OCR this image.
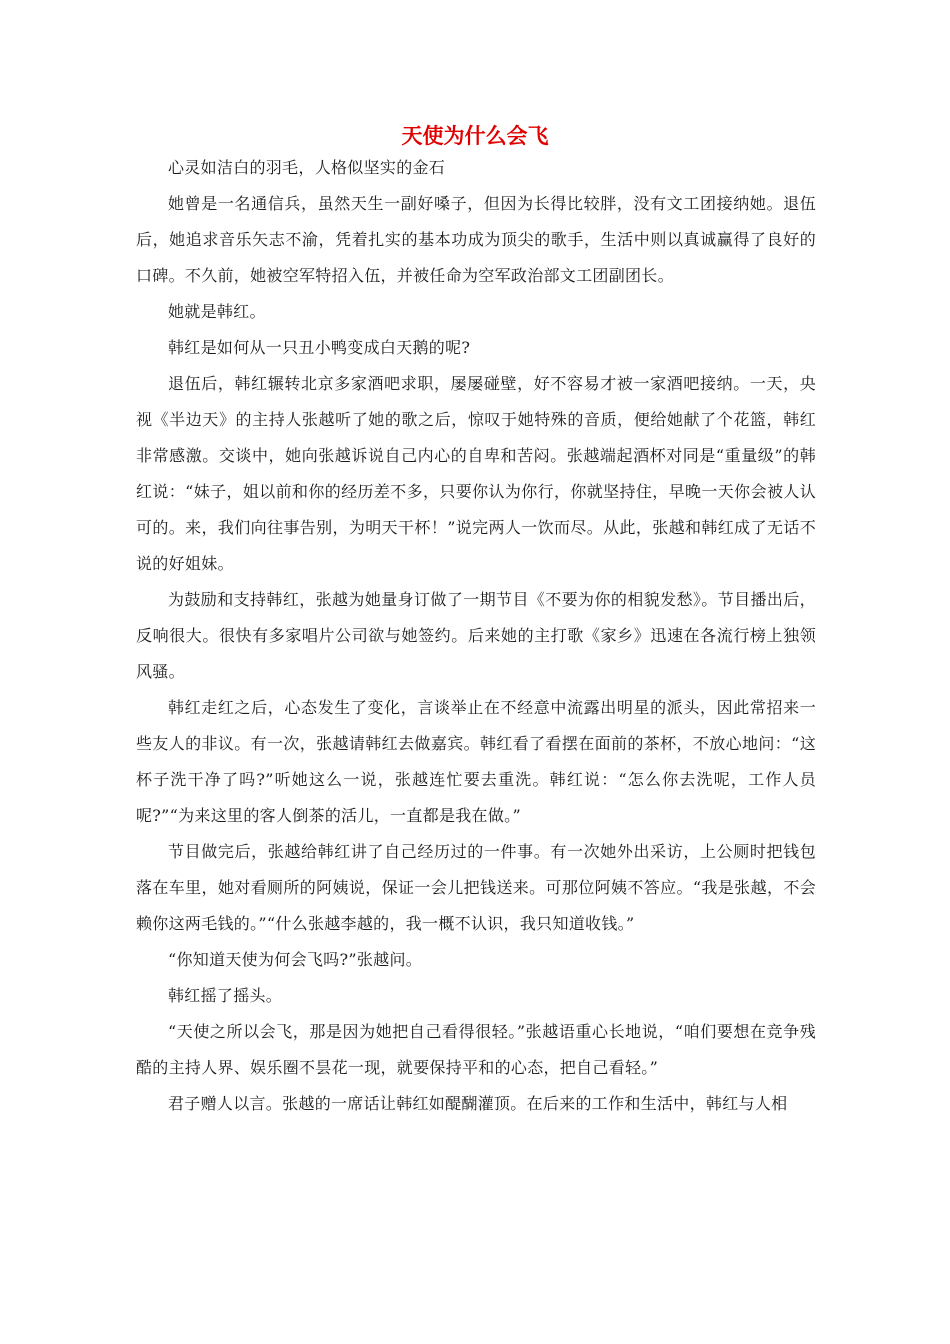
天使为什么会飞

心灵如洁白的羽毛，人格似坚实的金石

她曾是一名通信兵，虽然天生一副好嗓子，但因为长得比较胖，没有文工团接纳她。退伍后，她追求音乐矢志不渝，凭着扎实的基本功成为顶尖的歌手，生活中则以真诚赢得了良好的口碑。不久前，她被空军特招入伍，并被任命为空军政治部文工团副团长。

她就是韩红。

韩红是如何从一只丑小鸭变成白天鹅的呢?

退伍后，韩红辗转北京多家酒吧求职，屡屡碰壁，好不容易才被一家酒吧接纳。一天，央视《半边天》的主持人张越听了她的歌之后，惊叹于她特殊的音质，便给她献了个花篮，韩红非常感激。交谈中，她向张越诉说自己内心的自卑和苦闷。张越端起酒杯对同是“重量级”的韩红说：“妹子，姐以前和你的经历差不多，只要你认为你行，你就坚持住，早晚一天你会被人认可的。来，我们向往事告别，为明天干杯！”说完两人一饮而尽。从此，张越和韩红成了无话不说的好姐妹。

为鼓励和支持韩红，张越为她量身订做了一期节目《不要为你的相貌发愁》。节目播出后，反响很大。很快有多家唱片公司欲与她签约。后来她的主打歌《家乡》迅速在各流行榜上独领风骚。

韩红走红之后，心态发生了变化，言谈举止在不经意中流露出明星的派头，因此常招来一些友人的非议。有一次，张越请韩红去做嘉宾。韩红看了看摆在面前的茶杯，不放心地问：“这杯子洗干净了吗?”听她这么一说，张越连忙要去重洗。韩红说：“怎么你去洗呢，工作人员呢?”“为来这里的客人倒茶的活儿，一直都是我在做。”

节目做完后，张越给韩红讲了自己经历过的一件事。有一次她外出采访，上公厕时把钱包落在车里，她对看厕所的阿姨说，保证一会儿把钱送来。可那位阿姨不答应。“我是张越，不会赖你这两毛钱的。”“什么张越李越的，我一概不认识，我只知道收钱。”

“你知道天使为何会飞吗?”张越问。

韩红摇了摇头。

“天使之所以会飞，那是因为她把自己看得很轻。”张越语重心长地说，“咱们要想在竞争残酷的主持人界、娱乐圈不昙花一现，就要保持平和的心态，把自己看轻。”

君子赠人以言。张越的一席话让韩红如醍醐灌顶。在后来的工作和生活中，韩红与人相
